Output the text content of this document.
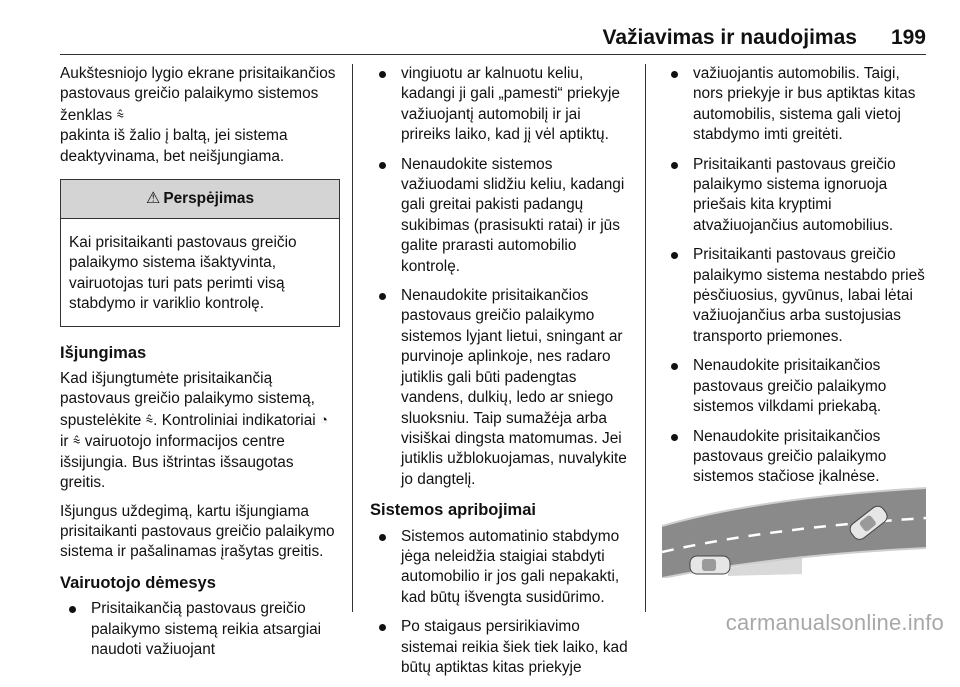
Važiavimas ir naudojimas 199

Aukštesniojo lygio ekrane prisitaikančios pastovaus greičio palaikymo sistemos ženklas ⩯
pakinta iš žalio į baltą, jei sistema deaktyvinama, bet neišjungiama.

⚠ Perspėjimas
Kai prisitaikanti pastovaus greičio palaikymo sistema išaktyvinta, vairuotojas turi pats perimti visą stabdymo ir variklio kontrolę.
Išjungimas

Kad išjungtumėte prisitaikančią pastovaus greičio palaikymo sistemą, spustelėkite ⩯. Kontroliniai indikatoriai ◔ ir ⩯ vairuotojo informacijos centre išsijungia. Bus ištrintas išsaugotas greitis.

Išjungus uždegimą, kartu išjungiama prisitaikanti pastovaus greičio palaikymo sistema ir pašalinamas įrašytas greitis.

Vairuotojo dėmesys
Prisitaikančią pastovaus greičio palaikymo sistemą reikia atsargiai naudoti važiuojant
vingiuotu ar kalnuotu keliu, kadangi ji gali „pamesti“ priekyje važiuojantį automobilį ir jai prireiks laiko, kad jį vėl aptiktų.
Nenaudokite sistemos važiuodami slidžiu keliu, kadangi gali greitai pakisti padangų sukibimas (prasisukti ratai) ir jūs galite prarasti automobilio kontrolę.
Nenaudokite prisitaikančios pastovaus greičio palaikymo sistemos lyjant lietui, sningant ar purvinoje aplinkoje, nes radaro jutiklis gali būti padengtas vandens, dulkių, ledo ar sniego sluoksniu. Taip sumažėja arba visiškai dingsta matomumas. Jei jutiklis užblokuojamas, nuvalykite jo dangtelį.
Sistemos apribojimai
Sistemos automatinio stabdymo jėga neleidžia staigiai stabdyti automobilio ir jos gali nepakakti, kad būtų išvengta susidūrimo.
Po staigaus persirikiavimo sistemai reikia šiek tiek laiko, kad būtų aptiktas kitas priekyje
važiuojantis automobilis. Taigi, nors priekyje ir bus aptiktas kitas automobilis, sistema gali vietoj stabdymo imti greitėti.
Prisitaikanti pastovaus greičio palaikymo sistema ignoruoja priešais kita kryptimi atvažiuojančius automobilius.
Prisitaikanti pastovaus greičio palaikymo sistema nestabdo prieš pėsčiuosius, gyvūnus, labai lėtai važiuojančius arba sustojusias transporto priemones.
Nenaudokite prisitaikančios pastovaus greičio palaikymo sistemos vilkdami priekabą.
Nenaudokite prisitaikančios pastovaus greičio palaikymo sistemos stačiose įkalnėse.
carmanualsonline.info
